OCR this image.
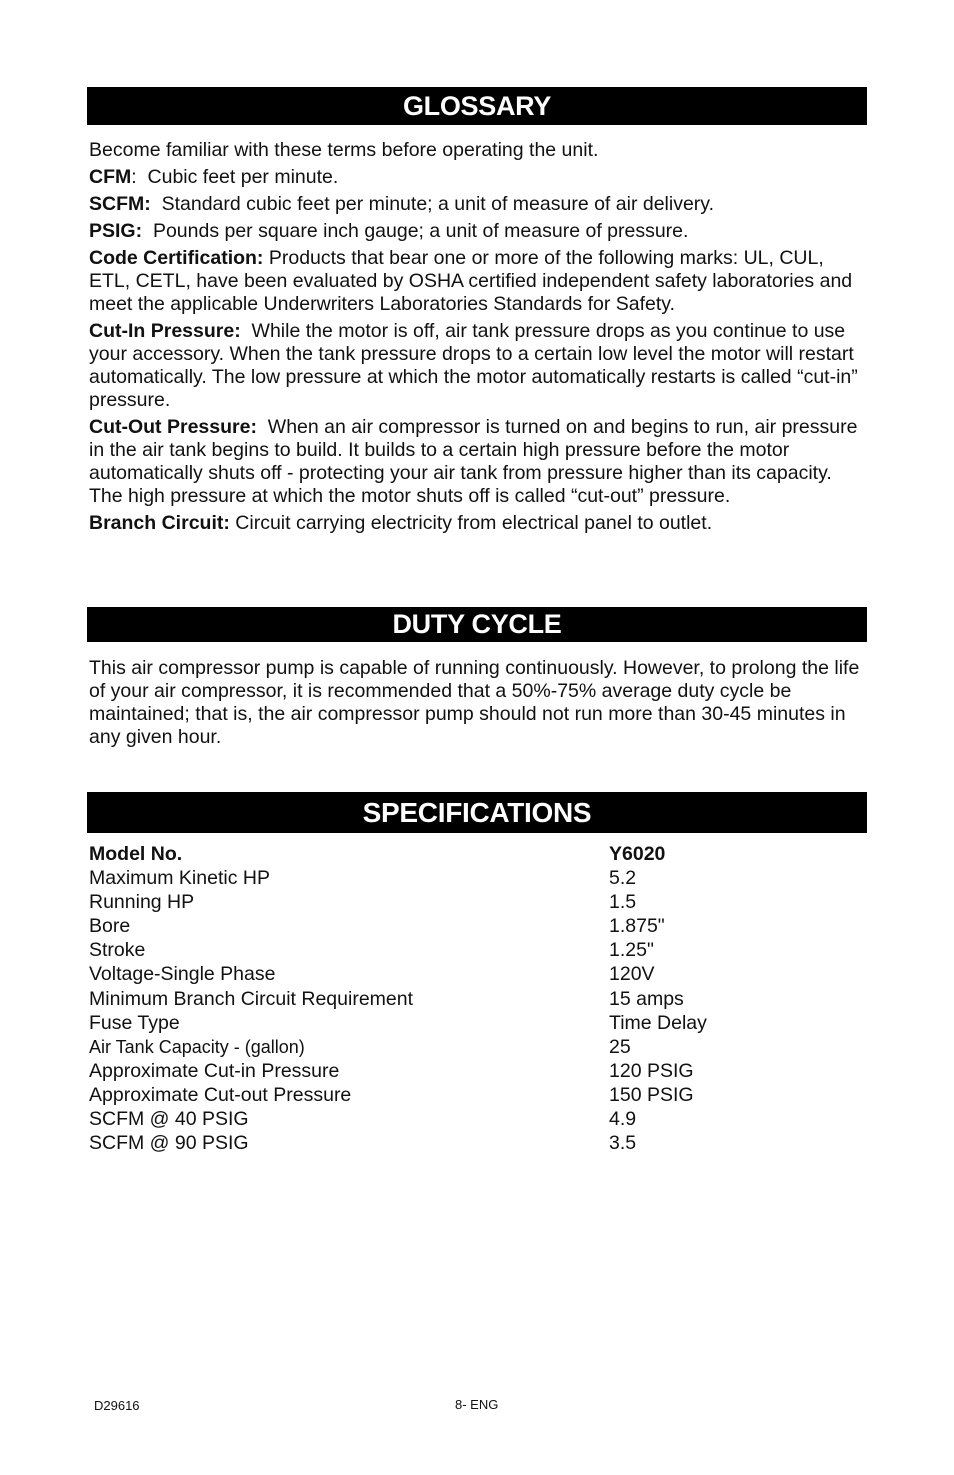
GLOSSARY

Become familiar with these terms before operating the unit.

CFM:  Cubic feet per minute.

SCFM: Standard cubic feet per minute; a unit of measure of air delivery.

PSIG: Pounds per square inch gauge; a unit of measure of pressure.

Code Certification: Products that bear one or more of the following marks: UL, CUL, ETL, CETL, have been evaluated by OSHA certified independent safety laboratories and meet the applicable Underwriters Laboratories Standards for Safety.

Cut-In Pressure: While the motor is off, air tank pressure drops as you continue to use your accessory. When the tank pressure drops to a certain low level the motor will restart automatically. The low pressure at which the motor automatically restarts is called “cut-in” pressure.

Cut-Out Pressure: When an air compressor is turned on and begins to run, air pressure in the air tank begins to build. It builds to a certain high pressure before the motor automatically shuts off - protecting your air tank from pressure higher than its capacity. The high pressure at which the motor shuts off is called “cut-out” pressure.

Branch Circuit: Circuit carrying electricity from electrical panel to outlet.

DUTY CYCLE

This air compressor pump is capable of running continuously. However, to prolong the life of your air compressor, it is recommended that a 50%-75% average duty cycle be maintained; that is, the air compressor pump should not run more than 30-45 minutes in any given hour.

SPECIFICATIONS
Model No.	Y6020
Maximum Kinetic HP	5.2
Running HP	1.5
Bore	1.875"
Stroke	1.25"
Voltage-Single Phase	120V
Minimum Branch Circuit Requirement	15 amps
Fuse Type	Time Delay
Air Tank Capacity - (gallon)	25
Approximate Cut-in Pressure	120 PSIG
Approximate Cut-out Pressure	150 PSIG
SCFM @ 40 PSIG	4.9
SCFM @ 90 PSIG	3.5
D29616	8- ENG
